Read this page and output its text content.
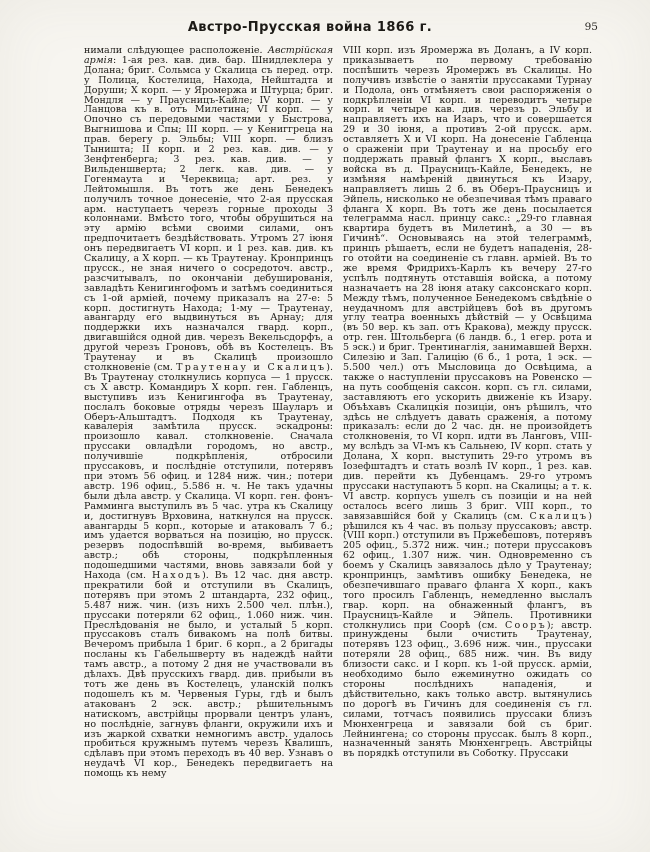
Австро-Прусская война 1866 г.	95
нимали слѣдующее расположеніе. Австрійская армія: 1-ая рез. кав. див. бар. Шнидлеклера у Долана; бриг. Сольмса у Скалица съ перед. отр. у Полица, Костелица, Находа, Нейштадта и Доруши; X корп. — у Яромержа и Штурца; бриг. Мондля — у Праусницъ-Кайле; IV корп. — у Ланцова къ в. отъ Милетина; VI корп. — у Опочно съ передовыми частями у Быстрова, Выгнишова и Спы; III корп. — у Кениггреца на прав. берегу р. Эльбы; VIII корп. — близъ Тыништа; II корп. и 2 рез. кав. див. — у Зенфтенберга; 3 рез. кав. див. — у Вильденшверта; 2 легк. кав. див. — у Гогенмаута и Череквица; арт. рез. у Лейтомышля. Въ тотъ же день Бенедекъ получилъ точное донесеніе, что 2-ая прусская арм. наступаетъ черезъ горные проходы 3 колоннами. Вмѣсто того, чтобы обрушиться на эту армію всѣми своими силами, онъ предпочитаетъ бездѣйствовать. Утромъ 27 іюня онъ передвигаетъ VI корп. и 1 рез. кав. див. къ Скалицу, а X корп. — къ Траутенау. Кронпринцъ прусск., не зная ничего о сосредоточ. австр., разсчитывалъ, по окончаніи дебушированія, завладѣть Кенигингофомъ и затѣмъ соединиться съ 1-ой арміей, почему приказалъ на 27-е: 5 корп. достигнуть Находа; 1-му — Траутенау, авангарду его выдвинуться въ Арнау; для поддержки ихъ назначался гвард. корп., двигавшійся одной див. черезъ Векельсдорфъ, а другой черезъ Гроновъ, обѣ въ Костелецъ. Въ Траутенау и въ Скалицѣ произошло столкновеніе (см. Траутенау и Скалицъ). Въ Траутенау столкнулись корпуса — 1 прусск. съ X австр. Командиръ X корп. ген. Габленцъ, выступивъ изъ Кенигингофа въ Траутенау, послалъ боковые отряды черезъ Шауларъ и Оберъ-Альштадтъ. Подходя къ Траутенау, кавалерія замѣтила прусск. эскадроны: произошло кавал. столкновеніе. Сначала пруссаки овладѣли городомъ, но австр., получившіе подкрѣпленія, отбросили пруссаковъ, и послѣдніе отступили, потерявъ при этомъ 56 офиц. и 1284 ниж. чин.; потери австр. 196 офиц., 5.586 н. ч. Не такъ удачны были дѣла австр. у Скалица. VI корп. ген. фонъ-Рамминга выступилъ въ 5 час. утра къ Скалицу и, достигнувъ Врховина, наткнулся на прусск. авангарды 5 корп., которые и атаковалъ 7 б.; имъ удается ворваться на позицію, но прусск. резервъ подоспѣвшій во-время, выбиваетъ австр.; обѣ стороны, подкрѣпленныя подошедшими частями, вновь завязали бой у Находа (см. Находъ). Въ 12 час. дня австр. прекратили бой и отступили въ Скалицъ, потерявъ при этомъ 2 штандарта, 232 офиц., 5.487 ниж. чин. (изъ нихъ 2.500 чел. плѣн.), пруссаки потеряли 62 офиц., 1.060 ниж. чин. Преслѣдованія не было, и усталый 5 корп. пруссаковъ сталъ бивакомъ на полѣ битвы. Вечеромъ прибыла 1 бриг. 6 корп., а 2 бригады посланы къ Габельшверту въ надеждѣ найти тамъ австр., а потому 2 дня не участвовали въ дѣлахъ. Двѣ прусскихъ гвард. див. прибыли въ тотъ же день въ Костелецъ, уланскій полкъ подошелъ къ м. Червеныя Гуры, гдѣ и былъ атакованъ 2 эск. австр.; рѣшительнымъ натискомъ, австрійцы прорвали центръ уланъ, но послѣдніе, загнувъ фланги, окружили ихъ и изъ жаркой схватки немногимъ австр. удалось пробиться кружнымъ путемъ черезъ Квалишъ, сдѣлавъ при этомъ переходъ въ 40 вер. Узнавъ о неудачѣ VI кор., Бенедекъ передвигаетъ на помощь къ нему
VIII корп. изъ Яромержа въ Доланъ, а IV корп. приказываетъ по первому требованію поспѣшить черезъ Яромержъ въ Скалицы. Но получивъ извѣстіе о занятіи пруссаками Турнау и Подола, онъ отмѣняетъ свои распоряженія о подкрѣпленіи VI корп. и переводитъ четыре корп. и четыре кав. див. черезъ р. Эльбу и направляетъ ихъ на Изаръ, что и совершается 29 и 30 іюня, а противъ 2-ой прусск. арм. оставляетъ X и VI корп. На донесеніе Габленца о сраженіи при Траутенау и на просьбу его поддержать правый флангъ X корп., выславъ войска въ д. Праусницъ-Кайле, Бенедекъ, не измѣняя намѣреній двинуться къ Изару, направляетъ лишь 2 б. въ Оберъ-Праусницъ и Эйпель, нисколько не обезпечивая тѣмъ праваго фланга X корп. Въ тотъ же день посылается телеграмма насл. принцу сакс.: „29-го главная квартира будетъ въ Милетинѣ, а 30 — въ Гичинѣ“. Основываясь на этой телеграммѣ, принцъ рѣшаетъ, если не будетъ нападенія, 28-го отойти на соединеніе съ главн. арміей. Въ то же время Фридрихъ-Карлъ къ вечеру 27-го успѣлъ подтянуть отставшія войска, а потому назначаетъ на 28 іюня атаку саксонскаго корп. Между тѣмъ, полученное Бенедекомъ свѣдѣніе о неудачномъ для австрійцевъ боѣ въ другомъ углу театра военныхъ дѣйствій — у Освѣцима (въ 50 вер. къ зап. отъ Кракова), между прусск. отр. ген. Штольберга (6 ландв. б., 1 егер. рота и 5 эск.) и бриг. Трентинаглія, занимавшей Верхн. Силезію и Зап. Галицію (6 б., 1 рота, 1 эск. — 5.500 чел.) отъ Мысловица до Освѣцима, а также о наступленіи пруссаковъ на Ровенско — на путь сообщенія саксон. корп. съ гл. силами, заставляютъ его ускорить движеніе къ Изару. Объѣхавъ Скалицкія позиціи, онъ рѣшилъ, что здѣсь не слѣдуетъ давать сраженія, а потому приказалъ: если до 2 час. дн. не произойдетъ столкновенія, то VI корп. идти въ Ланговъ, VIII-му вслѣдъ за VI-мъ къ Сальнею, IV корп. стать у Долана, X корп. выступить 29-го утромъ въ Іозефштадтъ и стать возлѣ IV корп., 1 рез. кав. див. перейти къ Дубенцамъ. 29-го утромъ пруссаки наступаютъ 5 корп. на Скалицы; а т. к. VI австр. корпусъ ушелъ съ позиціи и на ней осталось всего лишь 3 бриг. VIII корп., то завязавшійся бой у Скалицъ (см. Скалицъ) рѣшился къ 4 час. въ пользу пруссаковъ; австр. (VIII корп.) отступили въ Пржебешовъ, потерявъ 205 офиц., 5.372 ниж. чин.; потери пруссаковъ 62 офиц., 1.307 ниж. чин. Одновременно съ боемъ у Скалицъ завязалось дѣло у Траутенау; кронпринцъ, замѣтивъ ошибку Бенедека, не обезпечившаго праваго фланга X корп., какъ того просилъ Габленцъ, немедленно выслалъ гвар. корп. на обнаженный флангъ, въ Праусницъ-Кайле и Эйпель. Противники столкнулись при Соорѣ (см. Сооръ); австр. принуждены были очистить Траутенау, потерявъ 123 офиц., 3.696 ниж. чин., пруссаки потеряли 28 офиц., 685 ниж. чин. Въ виду близости сакс. и I корп. къ 1-ой прусск. арміи, необходимо было ежеминутно ожидать со стороны послѣднихъ нападенія, и дѣйствительно, какъ только австр. вытянулись по дорогѣ въ Гичинъ для соединенія съ гл. силами, тотчасъ появились пруссаки близъ Мюнхенгреца и завязали бой съ бриг. Лейнингена; со стороны пруссак. былъ 8 корп., назначенный занять Мюнхенгрецъ. Австрійцы въ порядкѣ отступили въ Соботку. Пруссаки
